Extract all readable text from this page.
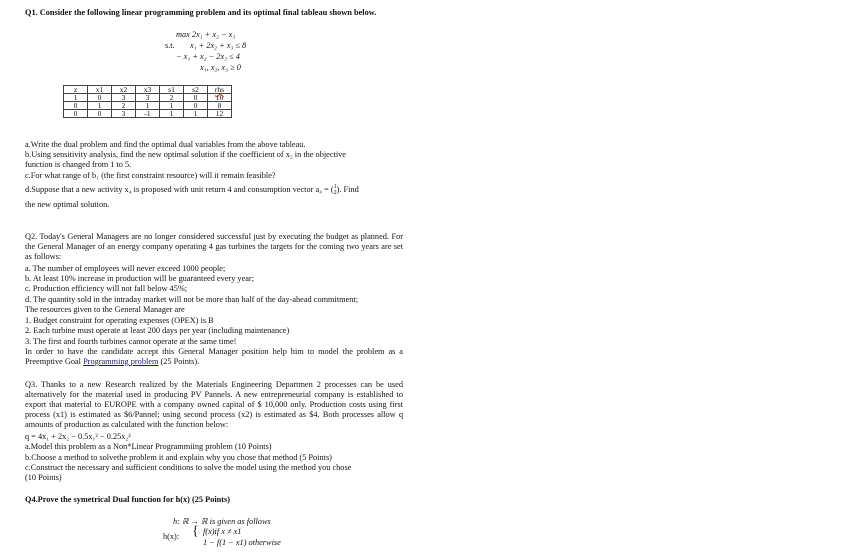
Q1. Consider the following linear programming problem and its optimal final tableau shown below.
max 2x₁ + x₂ − x₃
s.t. x₁ + 2x₂ + x₃ ≤ 8
− x₁ + x₂ − 2x₃ ≤ 4
x₁, x₂, x₃ ≥ 0
z	x1	x2	x3	s1	s2	rhs
1	0	3	3	2	0	16
0	1	2	1	1	0	8
0	0	3	-1	1	1	12
a.Write the dual problem and find the optimal dual variables from the above tableau.
b.Using sensitivity analysis, find the new optimal solution if the coefficient of x₂ in the objective
function is changed from 1 to 5.
c.For what range of b₁ (the first constraint resource) will it remain feasible?
d.Suppose that a new activity x₄ is proposed with unit return 4 and consumption vector a₄ = (1
2). Find
the new optimal solution.
Q2. Today's General Managers are no longer considered successful just by executing the budget as planned. For the General Manager of an energy company operating 4 gas turbines the targets for the coming two years are set as follows:
a. The number of employees will never exceed 1000 people;
b. At least 10% increase in production will be guaranteed every year;
c. Production efficiency will not fall below 45%;
d. The quantity sold in the intraday market will not be more than half of the day-ahead commitment;
The resources given to the General Manager are
1. Budget constraint for operating expenses (OPEX) is B
2. Each turbine must operate at least 200 days per year (including maintenance)
3. The first and fourth turbines cannot operate at the same time!
In order to have the candidate accept this General Manager position help him to model the problem as a Preemptive Goal Programming problem (25 Points).
Q3. Thanks to a new Research realized by the Materials Engineering Departmen 2 processes can be used alternatively for the material used in producing PV Pannels. A new entrepreneurial company is established to export that material to EUROPE with a company owned capital of $ 10,000 only. Production costs using first process (x1) is estimated as $6/Pannel; using second process (x2) is estimated as $4. Both processes allow q amounts of production as calculated with the function below:
q = 4x₁ + 2x₂ − 0.5x₁² − 0.25x₂²
a.Model this problem as a Non*Linear Programmiing problem (10 Points)
b.Choose a method to solvethe problem it and explain why you chose that method (5 Points)
c.Construct the necessary and sufficient conditions to solve the model using the method you chose
(10 Points)
Q4.Prove the symetrical Dual function for h(x) (25 Points)
h: ℝ → ℝ is given as follows
h(x): { f(x)if x ≠ x1
1 − f(1 − x1) otherwise
